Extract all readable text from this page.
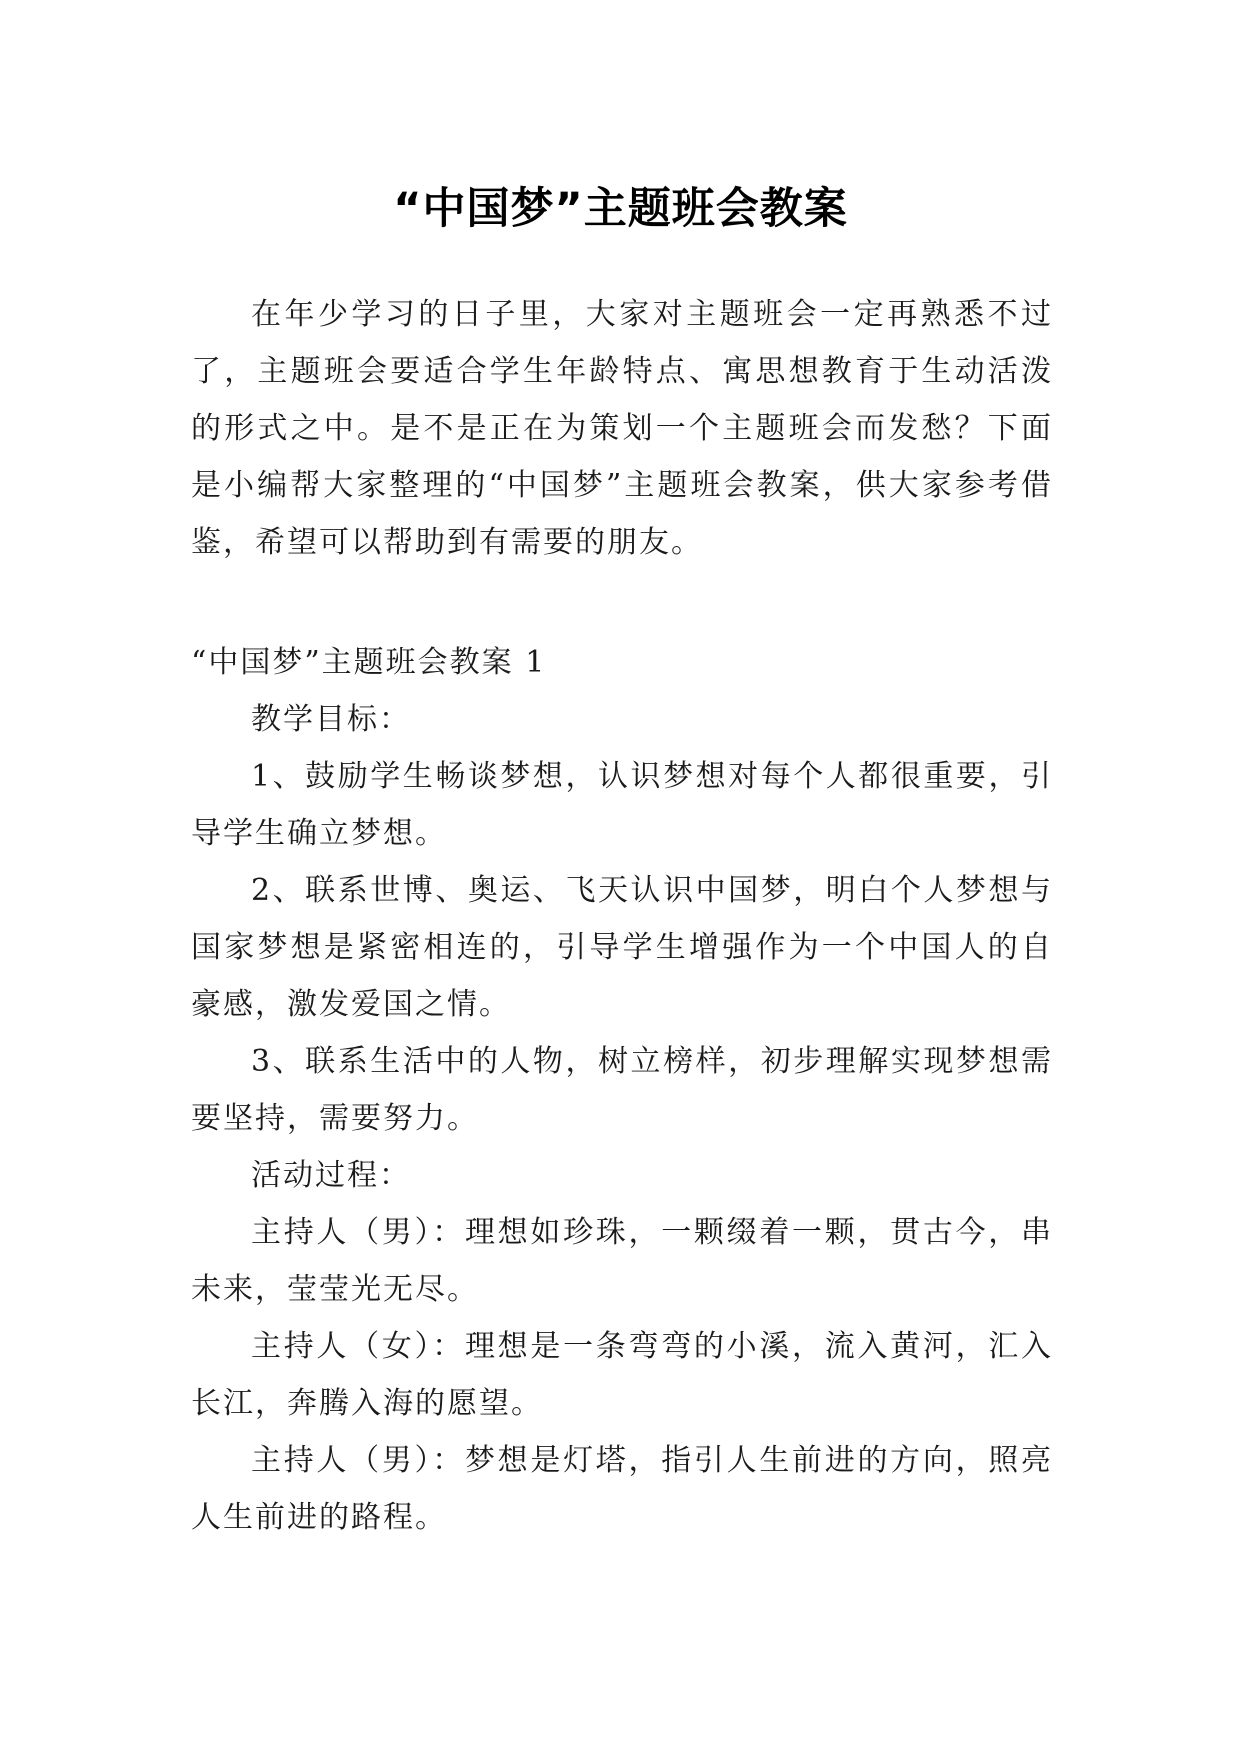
“中国梦”主题班会教案

在年少学习的日子里，大家对主题班会一定再熟悉不过了，主题班会要适合学生年龄特点、寓思想教育于生动活泼的形式之中。是不是正在为策划一个主题班会而发愁？下面是小编帮大家整理的“中国梦”主题班会教案，供大家参考借鉴，希望可以帮助到有需要的朋友。

“中国梦”主题班会教案 1

教学目标：

1、鼓励学生畅谈梦想，认识梦想对每个人都很重要，引导学生确立梦想。

2、联系世博、奥运、飞天认识中国梦，明白个人梦想与国家梦想是紧密相连的，引导学生增强作为一个中国人的自豪感，激发爱国之情。

3、联系生活中的人物，树立榜样，初步理解实现梦想需要坚持，需要努力。

活动过程：

主持人（男）：理想如珍珠，一颗缀着一颗，贯古今，串未来，莹莹光无尽。

主持人（女）：理想是一条弯弯的小溪，流入黄河，汇入长江，奔腾入海的愿望。

主持人（男）：梦想是灯塔，指引人生前进的方向，照亮人生前进的路程。
